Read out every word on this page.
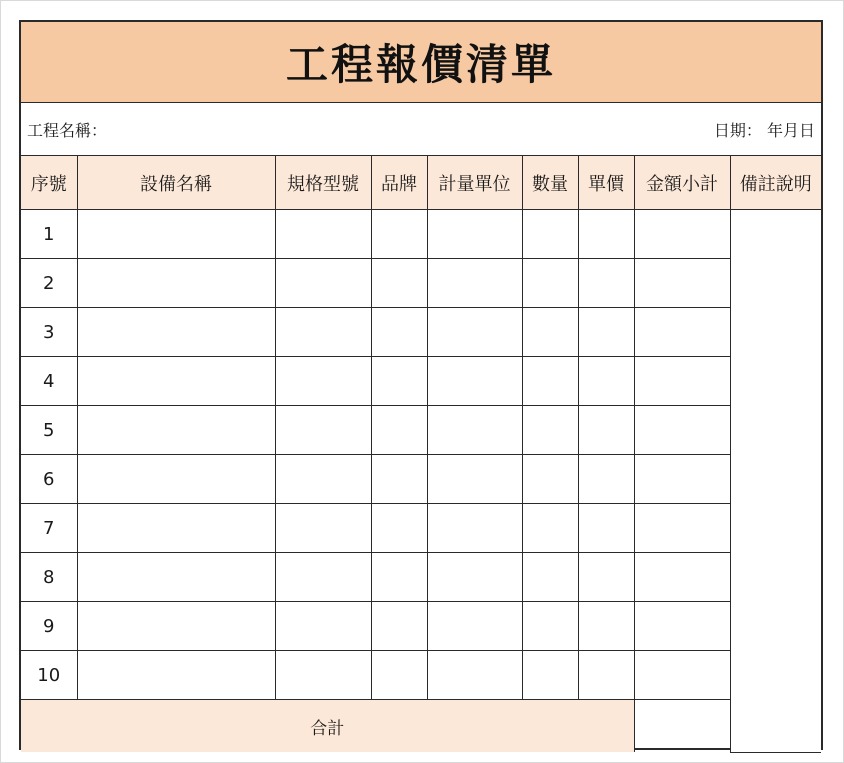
工程報價清單
工程名稱：	日期： 年月日
序號	設備名稱	規格型號	品牌	計量單位	數量	單價	金額小計	備註說明
1								
2								
3								
4								
5								
6								
7								
8								
9								
10								
合計								
